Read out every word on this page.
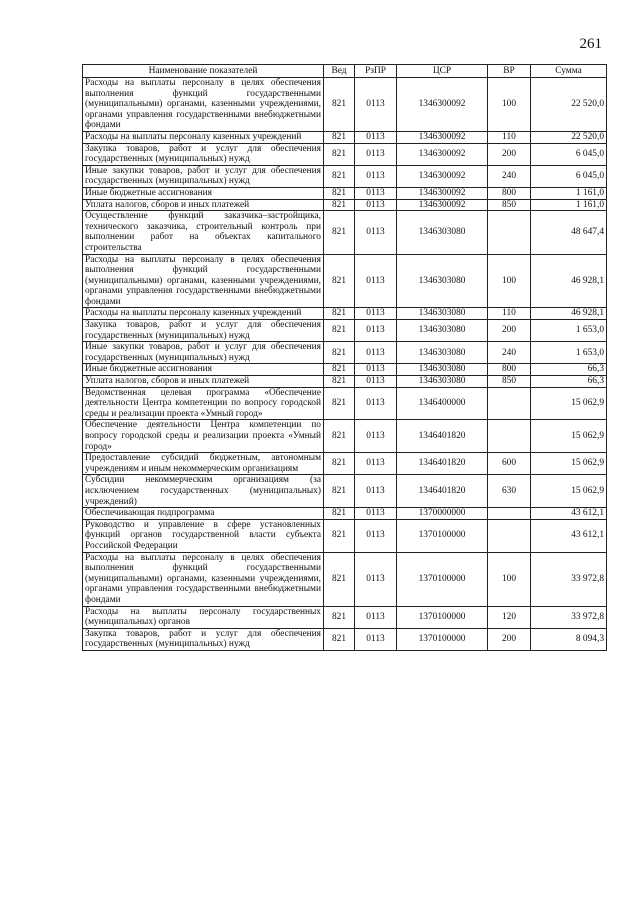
261
Наименование показателей	Вед	РзПР	ЦСР	ВР	Сумма
Расходы на выплаты персоналу в целях обеспечения выполнения функций государственными (муниципальными) органами, казенными учреждениями, органами управления государственными внебюджетными фондами	821	0113	1346300092	100	22 520,0
Расходы на выплаты персоналу казенных учреждений	821	0113	1346300092	110	22 520,0
Закупка товаров, работ и услуг для обеспечения государственных (муниципальных) нужд	821	0113	1346300092	200	6 045,0
Иные закупки товаров, работ и услуг для обеспечения государственных (муниципальных) нужд	821	0113	1346300092	240	6 045,0
Иные бюджетные ассигнования	821	0113	1346300092	800	1 161,0
Уплата налогов, сборов и иных платежей	821	0113	1346300092	850	1 161,0
Осуществление функций заказчика–застройщика, технического заказчика, строительный контроль при выполнении работ на объектах капитального строительства	821	0113	1346303080		48 647,4
Расходы на выплаты персоналу в целях обеспечения выполнения функций государственными (муниципальными) органами, казенными учреждениями, органами управления государственными внебюджетными фондами	821	0113	1346303080	100	46 928,1
Расходы на выплаты персоналу казенных учреждений	821	0113	1346303080	110	46 928,1
Закупка товаров, работ и услуг для обеспечения государственных (муниципальных) нужд	821	0113	1346303080	200	1 653,0
Иные закупки товаров, работ и услуг для обеспечения государственных (муниципальных) нужд	821	0113	1346303080	240	1 653,0
Иные бюджетные ассигнования	821	0113	1346303080	800	66,3
Уплата налогов, сборов и иных платежей	821	0113	1346303080	850	66,3
Ведомственная целевая программа «Обеспечение деятельности Центра компетенции по вопросу городской среды и реализации проекта «Умный город»	821	0113	1346400000		15 062,9
Обеспечение деятельности Центра компетенции по вопросу городской среды и реализации проекта «Умный город»	821	0113	1346401820		15 062,9
Предоставление субсидий бюджетным, автономным учреждениям и иным некоммерческим организациям	821	0113	1346401820	600	15 062,9
Субсидии некоммерческим организациям (за исключением государственных (муниципальных) учреждений)	821	0113	1346401820	630	15 062,9
Обеспечивающая подпрограмма	821	0113	1370000000		43 612,1
Руководство и управление в сфере установленных функций органов государственной власти субъекта Российской Федерации	821	0113	1370100000		43 612,1
Расходы на выплаты персоналу в целях обеспечения выполнения функций государственными (муниципальными) органами, казенными учреждениями, органами управления государственными внебюджетными фондами	821	0113	1370100000	100	33 972,8
Расходы на выплаты персоналу государственных (муниципальных) органов	821	0113	1370100000	120	33 972,8
Закупка товаров, работ и услуг для обеспечения государственных (муниципальных) нужд	821	0113	1370100000	200	8 094,3
